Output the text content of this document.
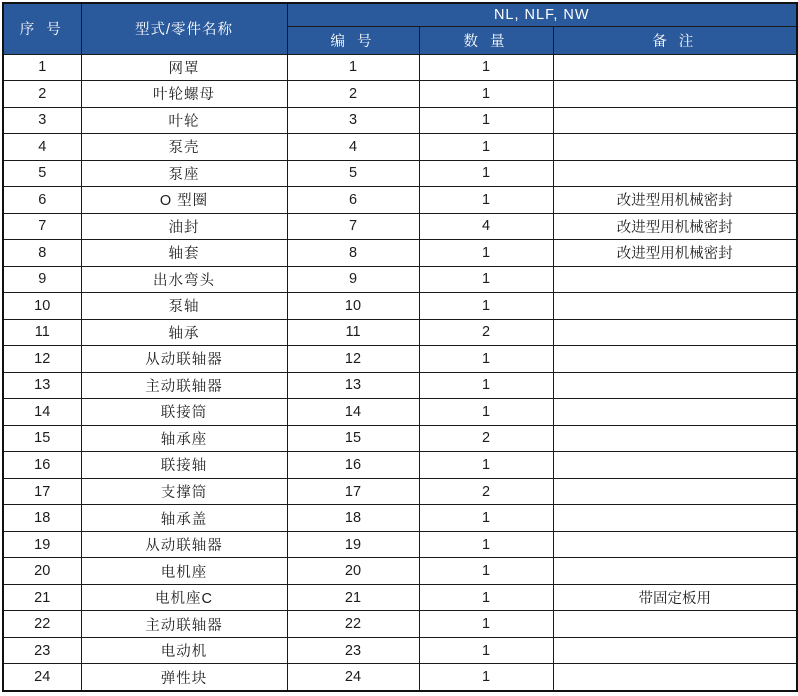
序 号	型式/零件名称	NL, NLF, NW		
		编 号	数 量	备 注
1	网罩	1	1	
2	叶轮螺母	2	1	
3	叶轮	3	1	
4	泵壳	4	1	
5	泵座	5	1	
6	O 型圈	6	1	改进型用机械密封
7	油封	7	4	改进型用机械密封
8	轴套	8	1	改进型用机械密封
9	出水弯头	9	1	
10	泵轴	10	1	
11	轴承	11	2	
12	从动联轴器	12	1	
13	主动联轴器	13	1	
14	联接筒	14	1	
15	轴承座	15	2	
16	联接轴	16	1	
17	支撑筒	17	2	
18	轴承盖	18	1	
19	从动联轴器	19	1	
20	电机座	20	1	
21	电机座C	21	1	带固定板用
22	主动联轴器	22	1	
23	电动机	23	1	
24	弹性块	24	1	
